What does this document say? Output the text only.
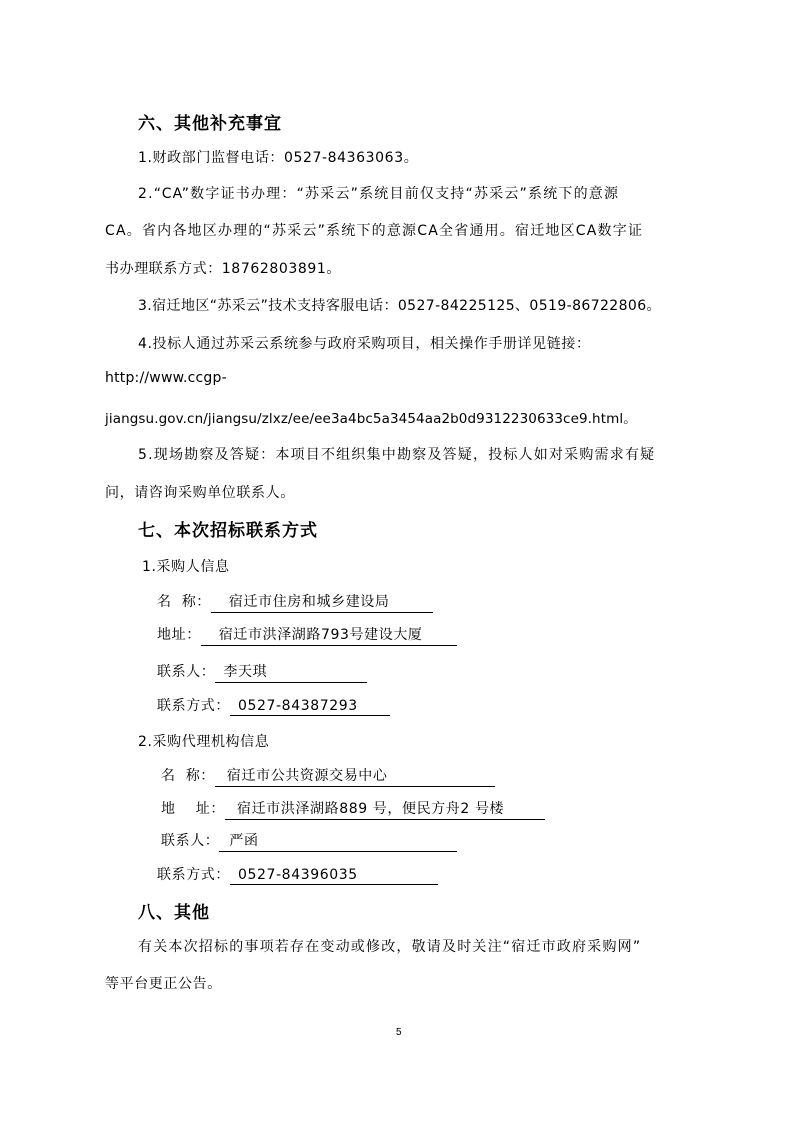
六、其他补充事宜
1.财政部门监督电话：0527-84363063。
2.“CA”数字证书办理：“苏采云”系统目前仅支持“苏采云”系统下的意源
CA。省内各地区办理的“苏采云”系统下的意源CA全省通用。宿迁地区CA数字证
书办理联系方式：18762803891。
3.宿迁地区“苏采云”技术支持客服电话：0527-84225125、0519-86722806。
4.投标人通过苏采云系统参与政府采购项目，相关操作手册详见链接：
http://www.ccgp-
jiangsu.gov.cn/jiangsu/zlxz/ee/ee3a4bc5a3454aa2b0d9312230633ce9.html。
5.现场勘察及答疑：本项目不组织集中勘察及答疑，投标人如对采购需求有疑
问，请咨询采购单位联系人。
七、本次招标联系方式
1.采购人信息
名  称： 宿迁市住房和城乡建设局
地址： 宿迁市洪泽湖路793号建设大厦
联系人： 李天琪
联系方式： 0527-84387293
2.采购代理机构信息
名  称： 宿迁市公共资源交易中心
地    址： 宿迁市洪泽湖路889 号，便民方舟2 号楼
联系人： 严函
联系方式： 0527-84396035
八、其他
有关本次招标的事项若存在变动或修改，敬请及时关注“宿迁市政府采购网”
等平台更正公告。
5
